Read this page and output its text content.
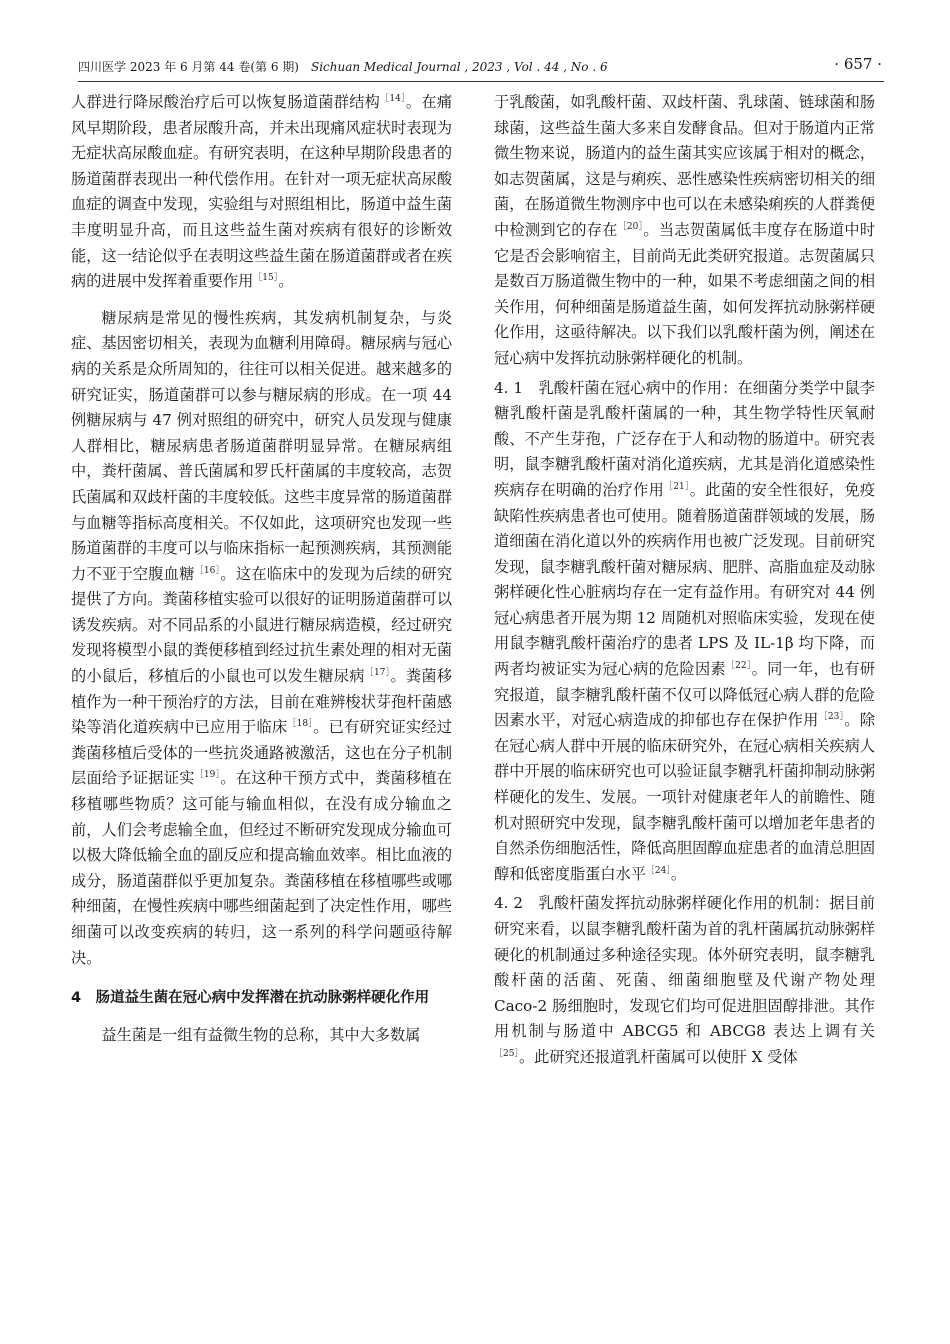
四川医学 2023 年 6 月第 44 卷(第 6 期)　 Sichuan Medical Journal , 2023 , Vol . 44 , No . 6	· 657 ·

人群进行降尿酸治疗后可以恢复肠道菌群结构$^{[14]}$。在痛风早期阶段，患者尿酸升高，并未出现痛风症状时表现为无症状高尿酸血症。有研究表明，在这种早期阶段患者的肠道菌群表现出一种代偿作用。在针对一项无症状高尿酸血症的调查中发现，实验组与对照组相比，肠道中益生菌丰度明显升高，而且这些益生菌对疾病有很好的诊断效能，这一结论似乎在表明这些益生菌在肠道菌群或者在疾病的进展中发挥着重要作用$^{[15]}$。

糖尿病是常见的慢性疾病，其发病机制复杂，与炎症、基因密切相关，表现为血糖利用障碍。糖尿病与冠心病的关系是众所周知的，往往可以相关促进。越来越多的研究证实，肠道菌群可以参与糖尿病的形成。在一项 44 例糖尿病与 47 例对照组的研究中，研究人员发现与健康人群相比，糖尿病患者肠道菌群明显异常。在糖尿病组中，粪杆菌属、普氏菌属和罗氏杆菌属的丰度较高，志贺氏菌属和双歧杆菌的丰度较低。这些丰度异常的肠道菌群与血糖等指标高度相关。不仅如此，这项研究也发现一些肠道菌群的丰度可以与临床指标一起预测疾病，其预测能力不亚于空腹血糖$^{[16]}$。这在临床中的发现为后续的研究提供了方向。粪菌移植实验可以很好的证明肠道菌群可以诱发疾病。对不同品系的小鼠进行糖尿病造模，经过研究发现将模型小鼠的粪便移植到经过抗生素处理的相对无菌的小鼠后，移植后的小鼠也可以发生糖尿病$^{[17]}$。粪菌移植作为一种干预治疗的方法，目前在难辨梭状芽孢杆菌感染等消化道疾病中已应用于临床$^{[18]}$。已有研究证实经过粪菌移植后受体的一些抗炎通路被激活，这也在分子机制层面给予证据证实$^{[19]}$。在这种干预方式中，粪菌移植在移植哪些物质？这可能与输血相似，在没有成分输血之前，人们会考虑输全血，但经过不断研究发现成分输血可以极大降低输全血的副反应和提高输血效率。相比血液的成分，肠道菌群似乎更加复杂。粪菌移植在移植哪些或哪种细菌，在慢性疾病中哪些细菌起到了决定性作用，哪些细菌可以改变疾病的转归，这一系列的科学问题亟待解决。

4　肠道益生菌在冠心病中发挥潜在抗动脉粥样硬化作用

益生菌是一组有益微生物的总称，其中大多数属

于乳酸菌，如乳酸杆菌、双歧杆菌、乳球菌、链球菌和肠球菌，这些益生菌大多来自发酵食品。但对于肠道内正常微生物来说，肠道内的益生菌其实应该属于相对的概念，如志贺菌属，这是与痢疾、恶性感染性疾病密切相关的细菌，在肠道微生物测序中也可以在未感染痢疾的人群粪便中检测到它的存在$^{[20]}$。当志贺菌属低丰度存在肠道中时它是否会影响宿主，目前尚无此类研究报道。志贺菌属只是数百万肠道微生物中的一种，如果不考虑细菌之间的相关作用，何种细菌是肠道益生菌，如何发挥抗动脉粥样硬化作用，这亟待解决。以下我们以乳酸杆菌为例，阐述在冠心病中发挥抗动脉粥样硬化的机制。

4. 1　乳酸杆菌在冠心病中的作用：在细菌分类学中鼠李糖乳酸杆菌是乳酸杆菌属的一种，其生物学特性厌氧耐酸、不产生芽孢，广泛存在于人和动物的肠道中。研究表明，鼠李糖乳酸杆菌对消化道疾病，尤其是消化道感染性疾病存在明确的治疗作用$^{[21]}$。此菌的安全性很好，免疫缺陷性疾病患者也可使用。随着肠道菌群领域的发展，肠道细菌在消化道以外的疾病作用也被广泛发现。目前研究发现，鼠李糖乳酸杆菌对糖尿病、肥胖、高脂血症及动脉粥样硬化性心脏病均存在一定有益作用。有研究对 44 例冠心病患者开展为期 12 周随机对照临床实验，发现在使用鼠李糖乳酸杆菌治疗的患者 LPS 及 IL-1β 均下降，而两者均被证实为冠心病的危险因素$^{[22]}$。同一年，也有研究报道，鼠李糖乳酸杆菌不仅可以降低冠心病人群的危险因素水平，对冠心病造成的抑郁也存在保护作用$^{[23]}$。除在冠心病人群中开展的临床研究外，在冠心病相关疾病人群中开展的临床研究也可以验证鼠李糖乳杆菌抑制动脉粥样硬化的发生、发展。一项针对健康老年人的前瞻性、随机对照研究中发现，鼠李糖乳酸杆菌可以增加老年患者的自然杀伤细胞活性，降低高胆固醇血症患者的血清总胆固醇和低密度脂蛋白水平$^{[24]}$。

4. 2　乳酸杆菌发挥抗动脉粥样硬化作用的机制：据目前研究来看，以鼠李糖乳酸杆菌为首的乳杆菌属抗动脉粥样硬化的机制通过多种途径实现。体外研究表明，鼠李糖乳酸杆菌的活菌、死菌、细菌细胞壁及代谢产物处理 Caco-2 肠细胞时，发现它们均可促进胆固醇排泄。其作用机制与肠道中 ABCG5 和 ABCG8 表达上调有关$^{[25]}$。此研究还报道乳杆菌属可以使肝 X 受体
